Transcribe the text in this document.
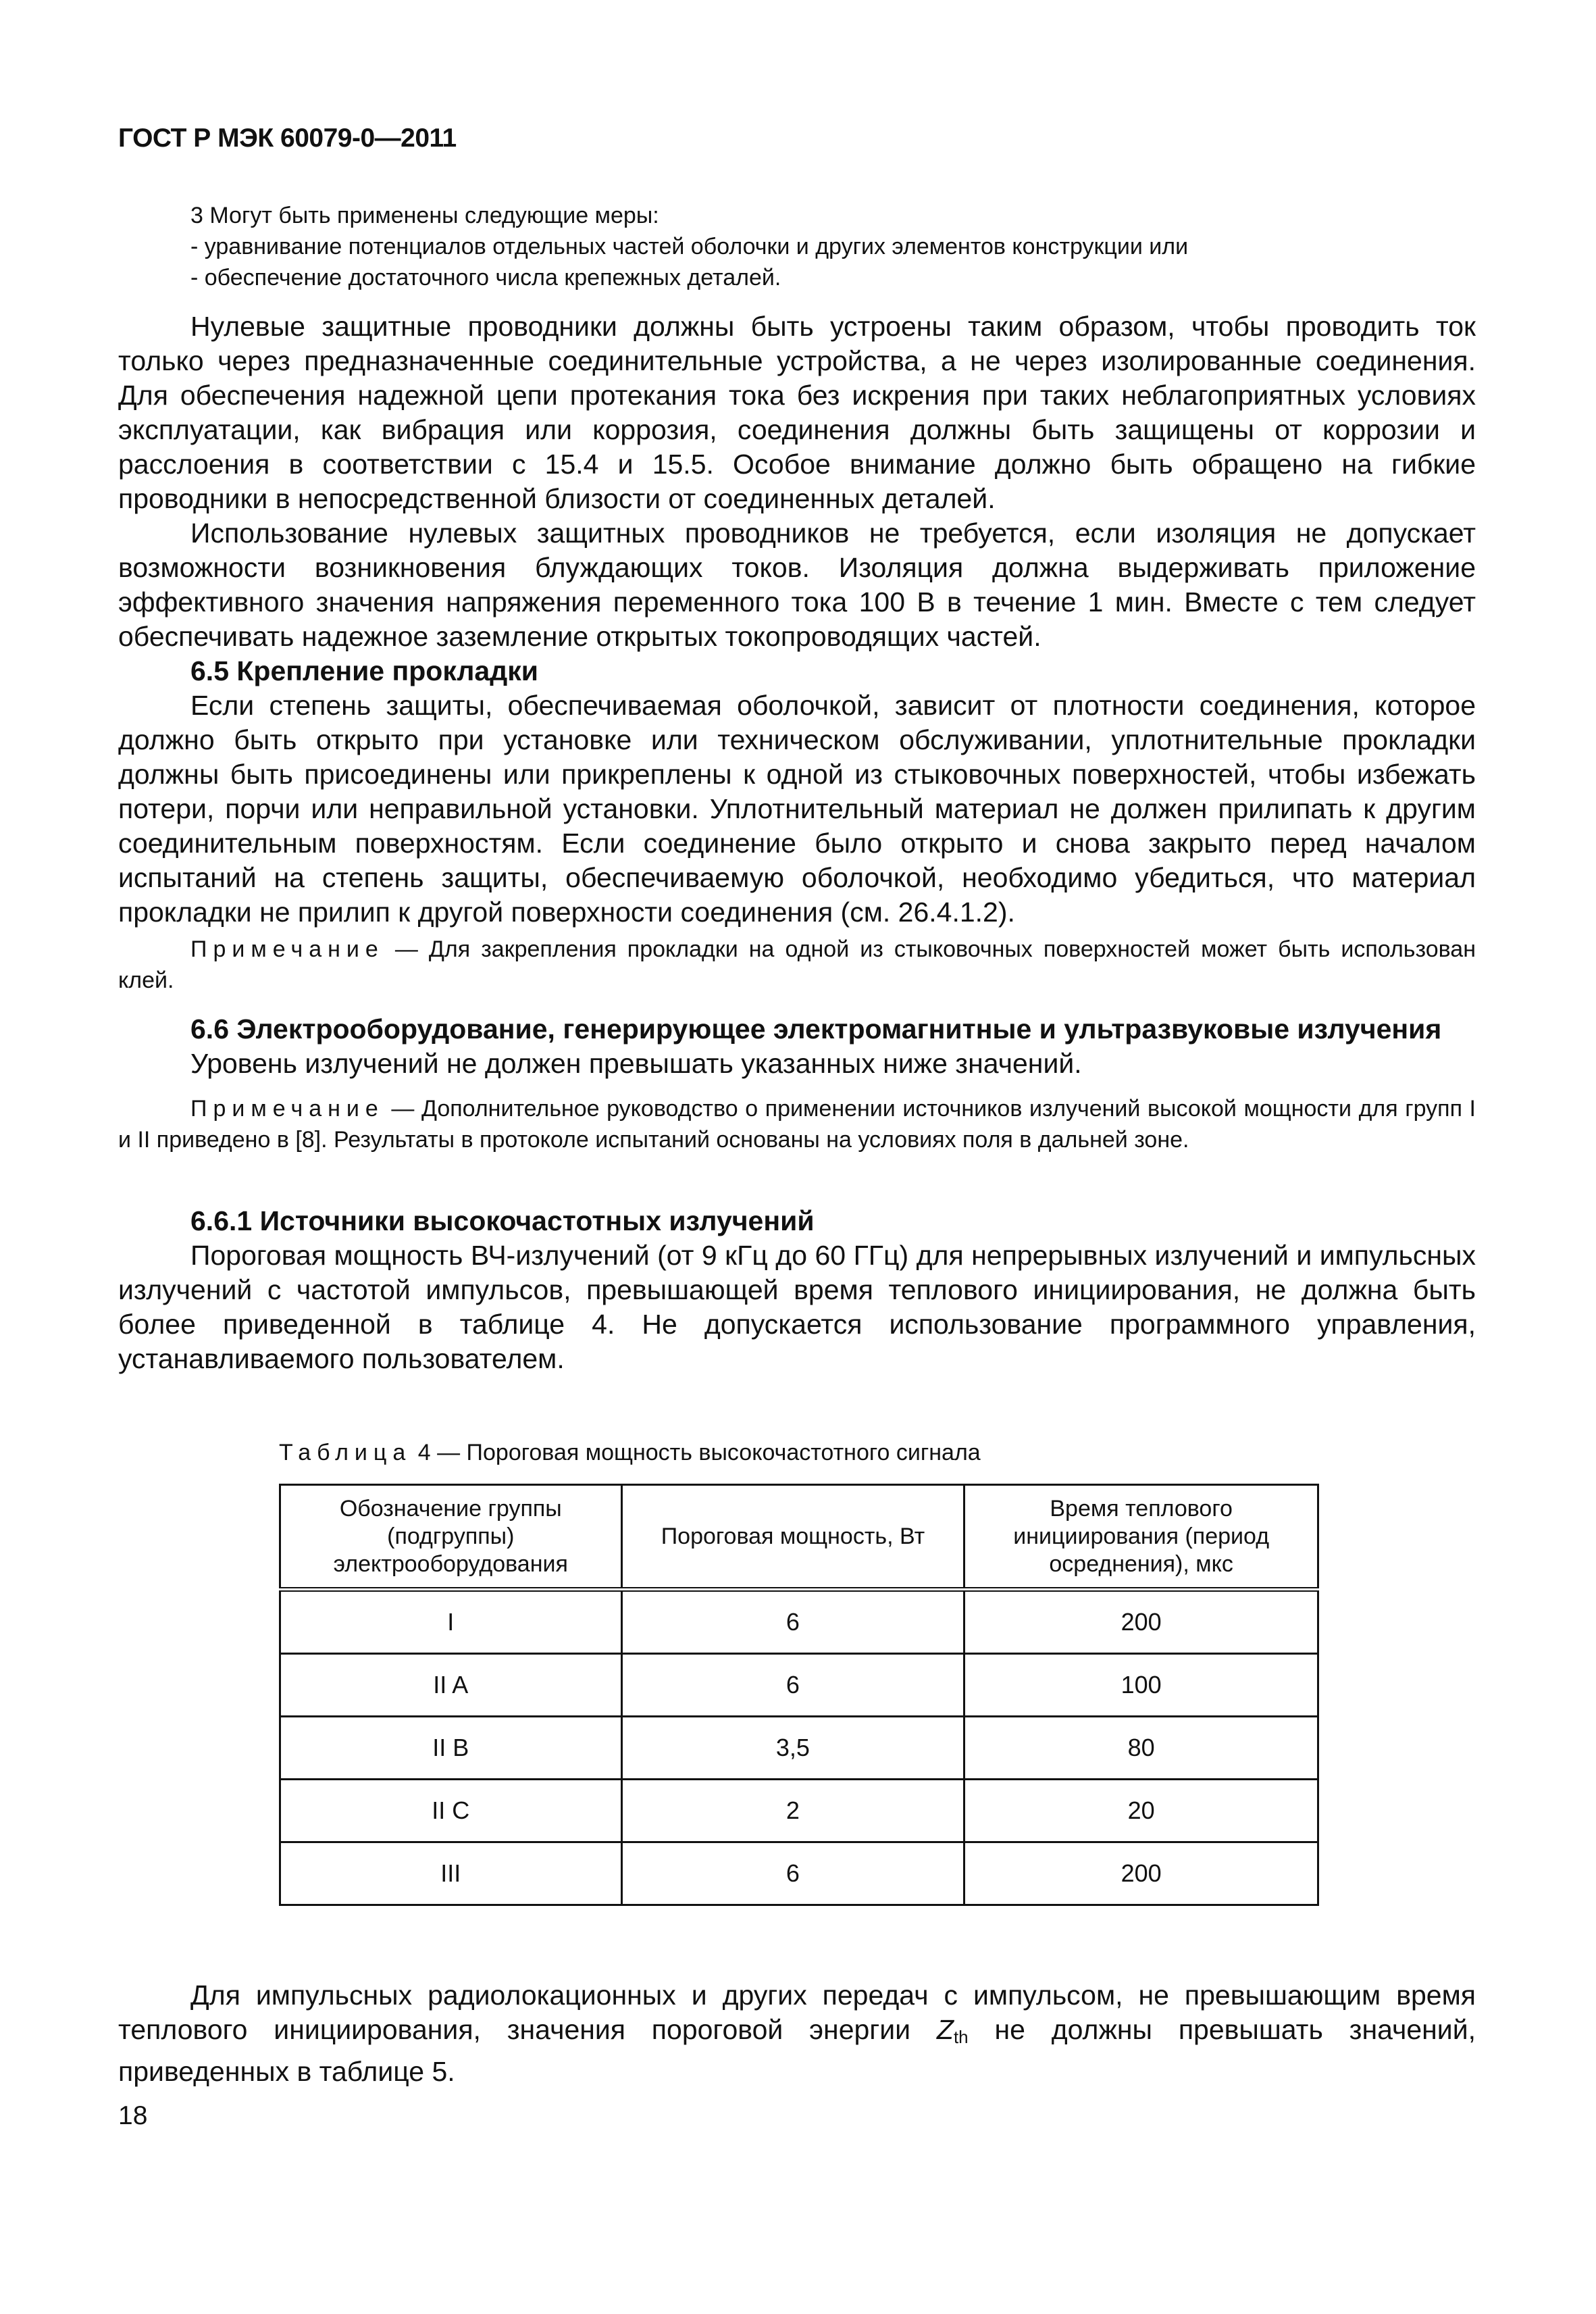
ГОСТ Р МЭК 60079-0—2011

3 Могут быть применены следующие меры:

- уравнивание потенциалов отдельных частей оболочки и других элементов конструкции или

- обеспечение достаточного числа крепежных деталей.

Нулевые защитные проводники должны быть устроены таким образом, чтобы проводить ток только через предназначенные соединительные устройства, а не через изолированные соединения. Для обеспечения надежной цепи протекания тока без искрения при таких неблагоприятных условиях эксплуатации, как вибрация или коррозия, соединения должны быть защищены от коррозии и расслоения в соответствии с 15.4 и 15.5. Особое внимание должно быть обращено на гибкие проводники в непосредственной близости от соединенных деталей.

Использование нулевых защитных проводников не требуется, если изоляция не допускает возможности возникновения блуждающих токов. Изоляция должна выдерживать приложение эффективного значения напряжения переменного тока 100 В в течение 1 мин. Вместе с тем следует обеспечивать надежное заземление открытых токопроводящих частей.

6.5 Крепление прокладки

Если степень защиты, обеспечиваемая оболочкой, зависит от плотности соединения, которое должно быть открыто при установке или техническом обслуживании, уплотнительные прокладки должны быть присоединены или прикреплены к одной из стыковочных поверхностей, чтобы избежать потери, порчи или неправильной установки. Уплотнительный материал не должен прилипать к другим соединительным поверхностям. Если соединение было открыто и снова закрыто перед началом испытаний на степень защиты, обеспечиваемую оболочкой, необходимо убедиться, что материал прокладки не прилип к другой поверхности соединения (см. 26.4.1.2).

Примечание — Для закрепления прокладки на одной из стыковочных поверхностей может быть использован клей.

6.6 Электрооборудование, генерирующее электромагнитные и ультразвуковые излучения

Уровень излучений не должен превышать указанных ниже значений.

Примечание — Дополнительное руководство о применении источников излучений высокой мощности для групп I и II приведено в [8]. Результаты в протоколе испытаний основаны на условиях поля в дальней зоне.

6.6.1 Источники высокочастотных излучений

Пороговая мощность ВЧ-излучений (от 9 кГц до 60 ГГц) для непрерывных излучений и импульсных излучений с частотой импульсов, превышающей время теплового инициирования, не должна быть более приведенной в таблице 4. Не допускается использование программного управления, устанавливаемого пользователем.

Таблица 4 — Пороговая мощность высокочастотного сигнала
Обозначение группы (подгруппы) электрооборудования	Пороговая мощность, Вт	Время теплового инициирования (период осреднения), мкс
I	6	200
II A	6	100
II B	3,5	80
II C	2	20
III	6	200

Для импульсных радиолокационных и других передач с импульсом, не превышающим время теплового инициирования, значения пороговой энергии $Z_{th}$ не должны превышать значений, приведенных в таблице 5.

18
